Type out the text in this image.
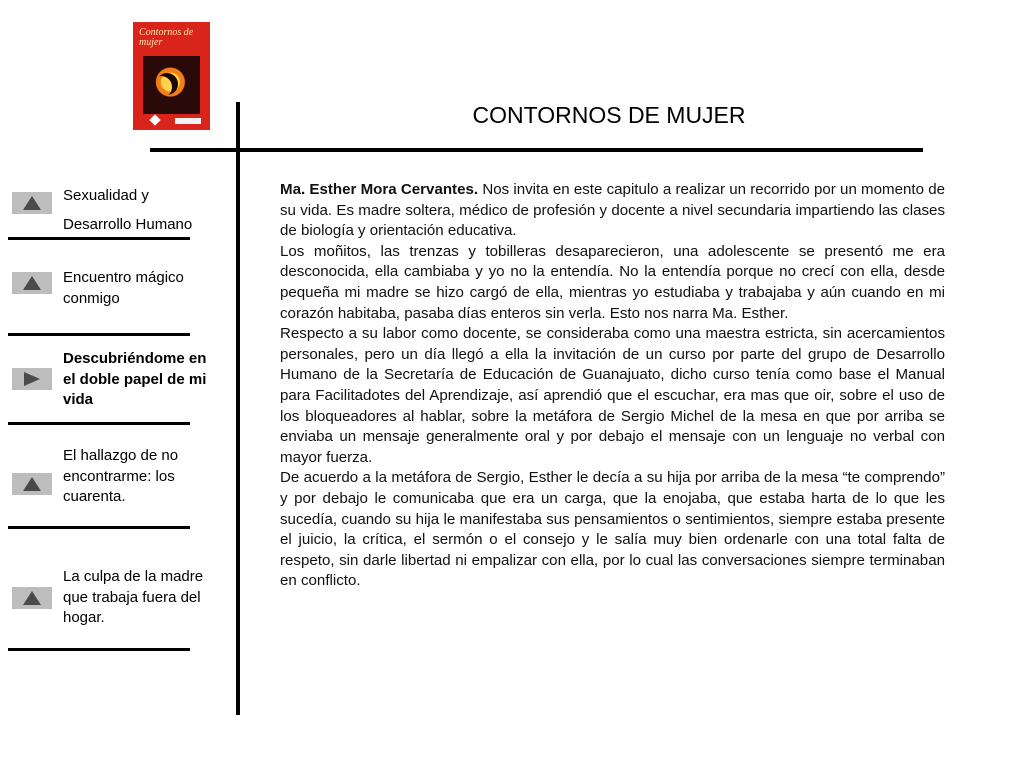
Contornos de mujer
CONTORNOS DE MUJER
Sexualidad y Desarrollo Humano
Encuentro mágico conmigo
Descubriéndome en el doble papel de mi vida
El hallazgo de no encontrarme: los cuarenta.
La culpa de la madre que trabaja fuera del hogar.

Ma. Esther Mora Cervantes. Nos invita en este capitulo a realizar un recorrido por un momento de su vida. Es madre soltera, médico de profesión y docente a nivel secundaria impartiendo las clases de biología y orientación educativa.

Los moñitos, las trenzas y tobilleras desaparecieron, una adolescente se presentó me era desconocida, ella cambiaba y yo no la entendía. No la entendía porque no crecí con ella, desde pequeña mi madre se hizo cargó de ella, mientras yo estudiaba y trabajaba y aún cuando en mi corazón habitaba, pasaba días enteros sin verla. Esto nos narra Ma. Esther.

Respecto a su labor como docente, se consideraba como una maestra estricta, sin acercamientos personales, pero un día llegó a ella la invitación de un curso por parte del grupo de Desarrollo Humano de la Secretaría de Educación de Guanajuato, dicho curso tenía como base el Manual para Facilitadotes del Aprendizaje, así aprendió que el escuchar, era mas que oir, sobre el uso de los bloqueadores al hablar, sobre la metáfora de Sergio Michel de la mesa en que por arriba se enviaba un mensaje generalmente oral y por debajo el mensaje con un lenguaje no verbal con mayor fuerza.

De acuerdo a la metáfora de Sergio, Esther le decía a su hija por arriba de la mesa “te comprendo” y por debajo le comunicaba que era un carga, que la enojaba, que estaba harta de lo que les sucedía, cuando su hija le manifestaba sus pensamientos o sentimientos, siempre estaba presente el juicio, la crítica, el sermón o el consejo y le salía muy bien ordenarle con una total falta de respeto, sin darle libertad ni empalizar con ella, por lo cual las conversaciones siempre terminaban en conflicto.
